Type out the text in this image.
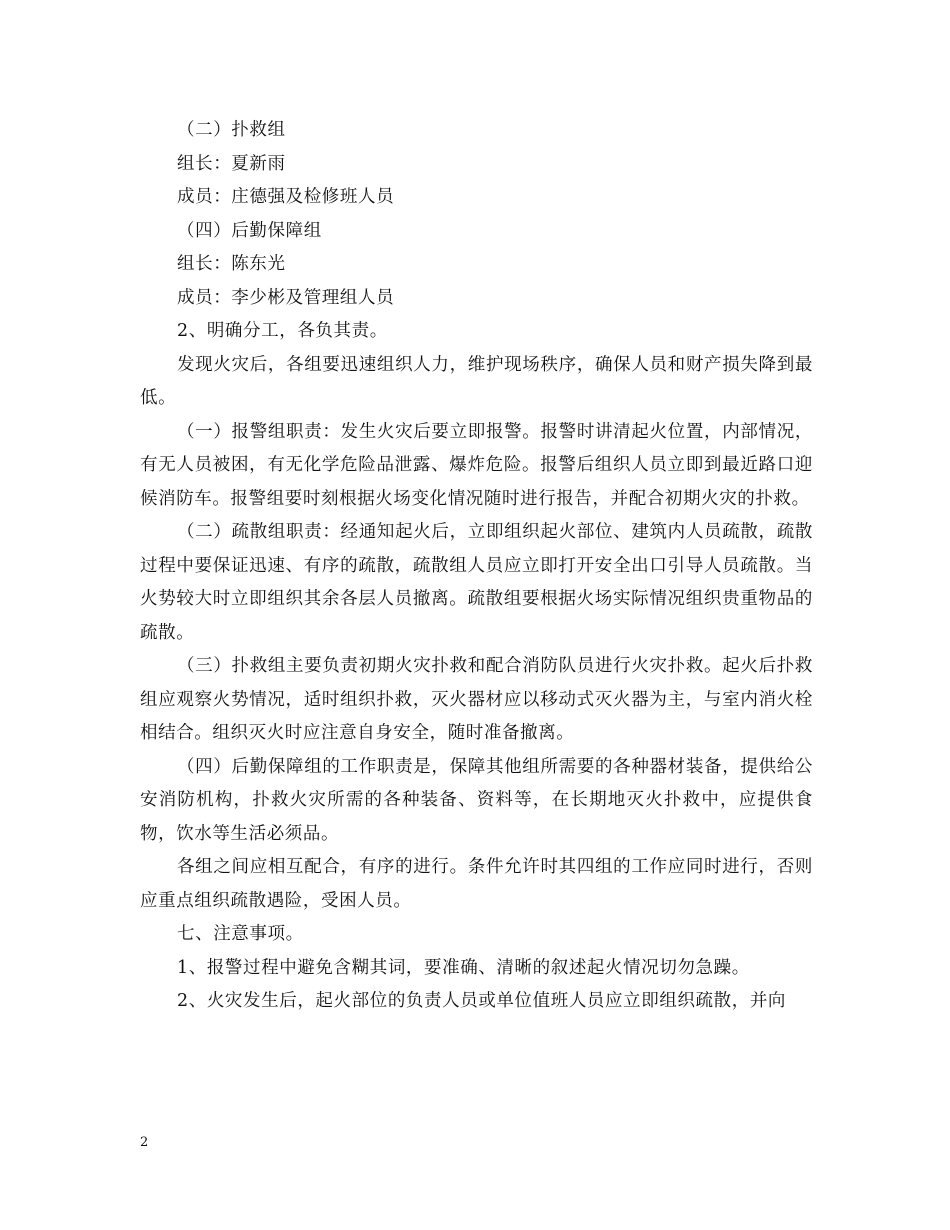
（二）扑救组

组长：夏新雨

成员：庄德强及检修班人员

（四）后勤保障组

组长：陈东光

成员：李少彬及管理组人员

2、明确分工，各负其责。

发现火灾后，各组要迅速组织人力，维护现场秩序，确保人员和财产损失降到最低。

（一）报警组职责：发生火灾后要立即报警。报警时讲清起火位置，内部情况，有无人员被困，有无化学危险品泄露、爆炸危险。报警后组织人员立即到最近路口迎候消防车。报警组要时刻根据火场变化情况随时进行报告，并配合初期火灾的扑救。

（二）疏散组职责：经通知起火后，立即组织起火部位、建筑内人员疏散，疏散过程中要保证迅速、有序的疏散，疏散组人员应立即打开安全出口引导人员疏散。当火势较大时立即组织其余各层人员撤离。疏散组要根据火场实际情况组织贵重物品的疏散。

（三）扑救组主要负责初期火灾扑救和配合消防队员进行火灾扑救。起火后扑救组应观察火势情况，适时组织扑救，灭火器材应以移动式灭火器为主，与室内消火栓相结合。组织灭火时应注意自身安全，随时准备撤离。

（四）后勤保障组的工作职责是，保障其他组所需要的各种器材装备，提供给公安消防机构，扑救火灾所需的各种装备、资料等，在长期地灭火扑救中，应提供食物，饮水等生活必须品。

各组之间应相互配合，有序的进行。条件允许时其四组的工作应同时进行，否则应重点组织疏散遇险，受困人员。

七、注意事项。

1、报警过程中避免含糊其词，要准确、清晰的叙述起火情况切勿急躁。

2、火灾发生后，起火部位的负责人员或单位值班人员应立即组织疏散，并向

2
